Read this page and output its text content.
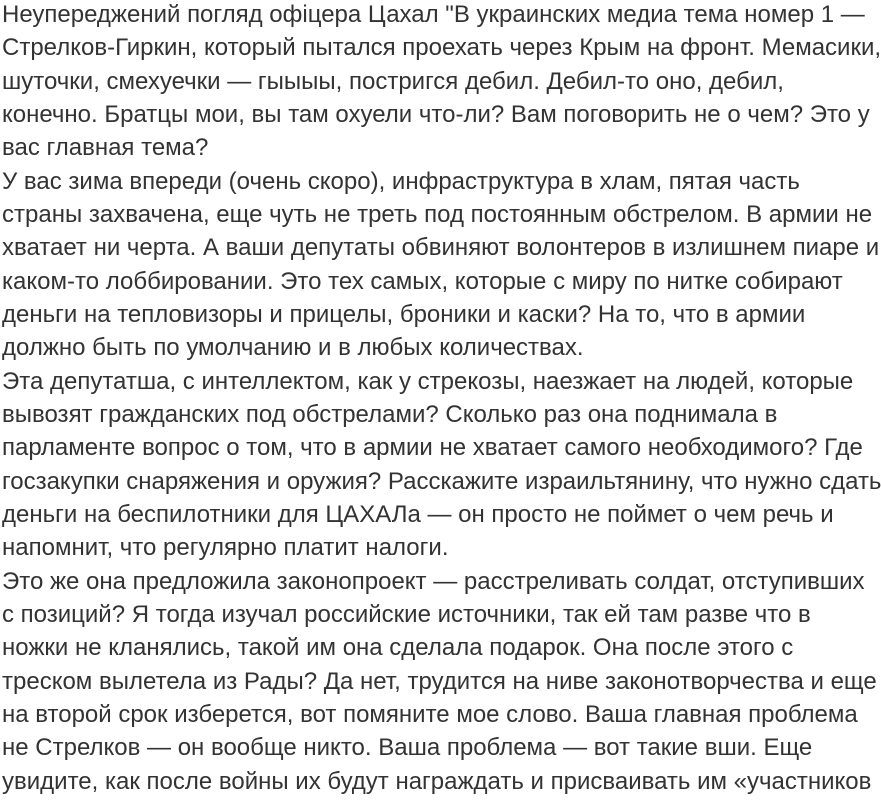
Неупереджений погляд офіцера Цахал "В украинских медиа тема номер 1 —
Стрелков-Гиркин, который пытался проехать через Крым на фронт. Мемасики,
шуточки, смехуечки — гыыыы, постригся дебил. Дебил-то оно, дебил,
конечно. Братцы мои, вы там охуели что-ли? Вам поговорить не о чем? Это у
вас главная тема?

У вас зима впереди (очень скоро), инфраструктура в хлам, пятая часть
страны захвачена, еще чуть не треть под постоянным обстрелом. В армии не
хватает ни черта. А ваши депутаты обвиняют волонтеров в излишнем пиаре и
каком-то лоббировании. Это тех самых, которые с миру по нитке собирают
деньги на тепловизоры и прицелы, броники и каски? На то, что в армии
должно быть по умолчанию и в любых количествах.

Эта депутатша, с интеллектом, как у стрекозы, наезжает на людей, которые
вывозят гражданских под обстрелами? Сколько раз она поднимала в
парламенте вопрос о том, что в армии не хватает самого необходимого? Где
госзакупки снаряжения и оружия? Расскажите израильтянину, что нужно сдать
деньги на беспилотники для ЦАХАЛа — он просто не поймет о чем речь и
напомнит, что регулярно платит налоги.

Это же она предложила законопроект — расстреливать солдат, отступивших
с позиций? Я тогда изучал российские источники, так ей там разве что в
ножки не кланялись, такой им она сделала подарок. Она после этого с
треском вылетела из Рады? Да нет, трудится на ниве законотворчества и еще
на второй срок изберется, вот помяните мое слово. Ваша главная проблема
не Стрелков — он вообще никто. Ваша проблема — вот такие вши. Еще
увидите, как после войны их будут награждать и присваивать им «участников
